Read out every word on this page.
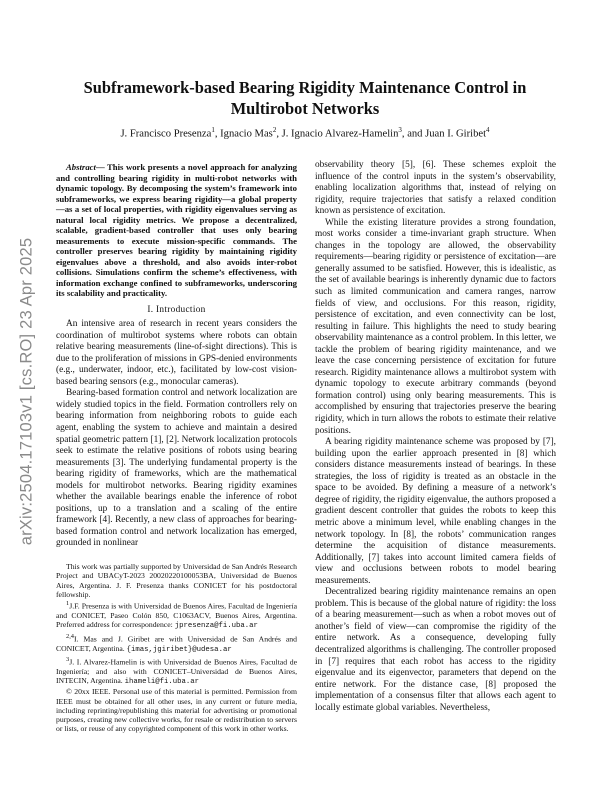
arXiv:2504.17103v1 [cs.RO] 23 Apr 2025
Subframework-based Bearing Rigidity Maintenance Control in
Multirobot Networks
J. Francisco Presenza$^1$, Ignacio Mas$^2$, J. Ignacio Alvarez-Hamelin$^3$, and Juan I. Giribet$^4$

Abstract— This work presents a novel approach for analyzing and controlling bearing rigidity in multi-robot networks with dynamic topology. By decomposing the system’s framework into subframeworks, we express bearing rigidity—a global property—as a set of local properties, with rigidity eigenvalues serving as natural local rigidity metrics. We propose a decentralized, scalable, gradient-based controller that uses only bearing measurements to execute mission-specific commands. The controller preserves bearing rigidity by maintaining rigidity eigenvalues above a threshold, and also avoids inter-robot collisions. Simulations confirm the scheme’s effectiveness, with information exchange confined to subframeworks, underscoring its scalability and practicality.

I. Introduction

An intensive area of research in recent years considers the coordination of multirobot systems where robots can obtain relative bearing measurements (line-of-sight directions). This is due to the proliferation of missions in GPS-denied environments (e.g., underwater, indoor, etc.), facilitated by low-cost vision-based bearing sensors (e.g., monocular cameras).

Bearing-based formation control and network localization are widely studied topics in the field. Formation controllers rely on bearing information from neighboring robots to guide each agent, enabling the system to achieve and maintain a desired spatial geometric pattern [1], [2]. Network localization protocols seek to estimate the relative positions of robots using bearing measurements [3]. The underlying fundamental property is the bearing rigidity of frameworks, which are the mathematical models for multirobot networks. Bearing rigidity examines whether the available bearings enable the inference of robot positions, up to a translation and a scaling of the entire framework [4]. Recently, a new class of approaches for bearing-based formation control and network localization has emerged, grounded in nonlinear

This work was partially supported by Universidad de San Andrés Research Project and UBACyT-2023 20020220100053BA, Universidad de Buenos Aires, Argentina. J. F. Presenza thanks CONICET for his postdoctoral fellowship.

$^1$J.F. Presenza is with Universidad de Buenos Aires, Facultad de Ingeniería and CONICET, Paseo Colón 850, C1063ACV, Buenos Aires, Argentina. Preferred address for correspondence: jpresenza@fi.uba.ar

$^{2,4}$I. Mas and J. Giribet are with Universidad de San Andrés and CONICET, Argentina. {imas,jgiribet}@udesa.ar

$^3$J. I. Alvarez-Hamelin is with Universidad de Buenos Aires, Facultad de Ingeniería; and also with CONICET–Universidad de Buenos Aires, INTECIN, Argentina. ihameli@fi.uba.ar

© 20xx IEEE. Personal use of this material is permitted. Permission from IEEE must be obtained for all other uses, in any current or future media, including reprinting/republishing this material for advertising or promotional purposes, creating new collective works, for resale or redistribution to servers or lists, or reuse of any copyrighted component of this work in other works.

observability theory [5], [6]. These schemes exploit the influence of the control inputs in the system’s observability, enabling localization algorithms that, instead of relying on rigidity, require trajectories that satisfy a relaxed condition known as persistence of excitation.

While the existing literature provides a strong foundation, most works consider a time-invariant graph structure. When changes in the topology are allowed, the observability requirements—bearing rigidity or persistence of excitation—are generally assumed to be satisfied. However, this is idealistic, as the set of available bearings is inherently dynamic due to factors such as limited communication and camera ranges, narrow fields of view, and occlusions. For this reason, rigidity, persistence of excitation, and even connectivity can be lost, resulting in failure. This highlights the need to study bearing observability maintenance as a control problem. In this letter, we tackle the problem of bearing rigidity maintenance, and we leave the case concerning persistence of excitation for future research. Rigidity maintenance allows a multirobot system with dynamic topology to execute arbitrary commands (beyond formation control) using only bearing measurements. This is accomplished by ensuring that trajectories preserve the bearing rigidity, which in turn allows the robots to estimate their relative positions.

A bearing rigidity maintenance scheme was proposed by [7], building upon the earlier approach presented in [8] which considers distance measurements instead of bearings. In these strategies, the loss of rigidity is treated as an obstacle in the space to be avoided. By defining a measure of a network’s degree of rigidity, the rigidity eigenvalue, the authors proposed a gradient descent controller that guides the robots to keep this metric above a minimum level, while enabling changes in the network topology. In [8], the robots’ communication ranges determine the acquisition of distance measurements. Additionally, [7] takes into account limited camera fields of view and occlusions between robots to model bearing measurements.

Decentralized bearing rigidity maintenance remains an open problem. This is because of the global nature of rigidity: the loss of a bearing measurement—such as when a robot moves out of another’s field of view—can compromise the rigidity of the entire network. As a consequence, developing fully decentralized algorithms is challenging. The controller proposed in [7] requires that each robot has access to the rigidity eigenvalue and its eigenvector, parameters that depend on the entire network. For the distance case, [8] proposed the implementation of a consensus filter that allows each agent to locally estimate global variables. Nevertheless,
